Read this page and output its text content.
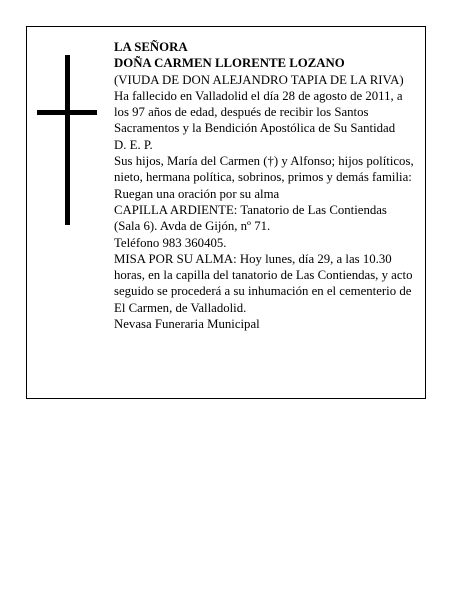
LA SEÑORA

DOÑA CARMEN LLORENTE LOZANO

(VIUDA DE DON ALEJANDRO TAPIA DE LA RIVA)

Ha fallecido en Valladolid el día 28 de agosto de 2011, a los 97 años de edad, después de recibir los Santos Sacramentos y la Bendición Apostólica de Su Santidad

D. E. P.

Sus hijos, María del Carmen (†) y Alfonso; hijos políticos, nieto, hermana política, sobrinos, primos y demás familia:

Ruegan una oración por su alma

CAPILLA ARDIENTE: Tanatorio de Las Contiendas (Sala 6). Avda de Gijón, nº 71.

Teléfono 983 360405.

MISA POR SU ALMA: Hoy lunes, día 29, a las 10.30 horas, en la capilla del tanatorio de Las Contiendas, y acto seguido se procederá a su inhumación en el cementerio de El Carmen, de Valladolid.

Nevasa Funeraria Municipal
